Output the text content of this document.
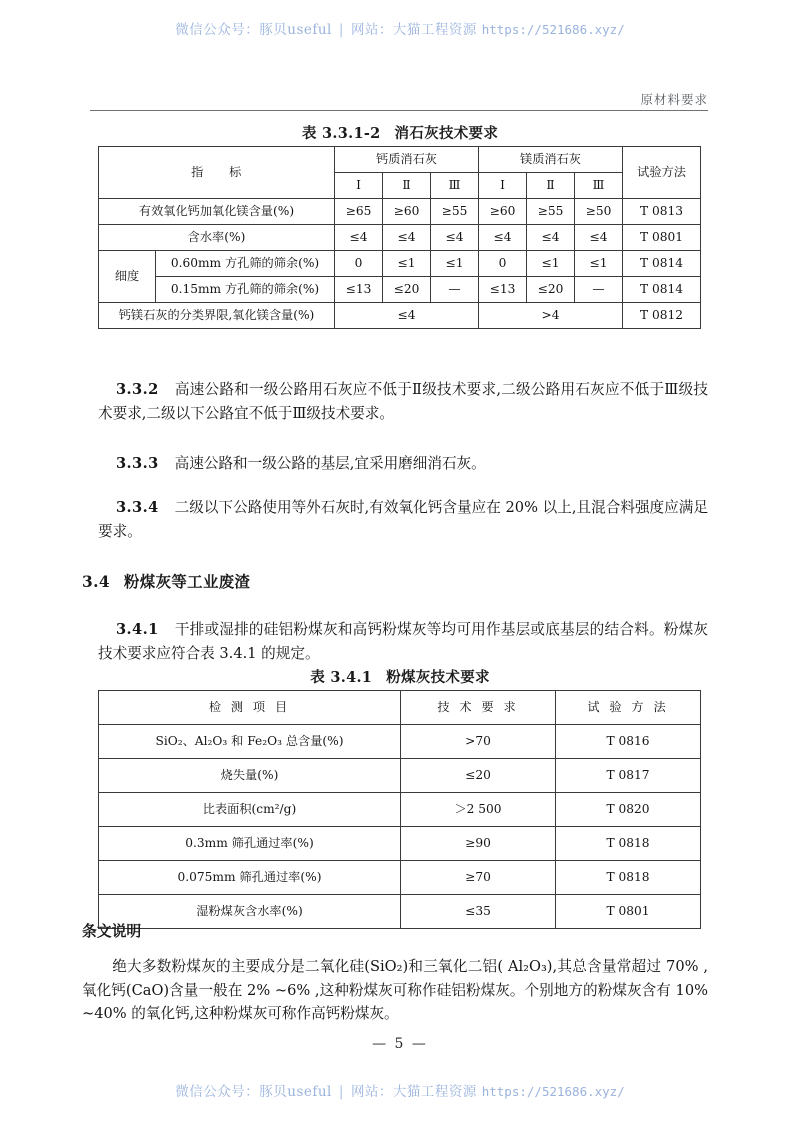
微信公众号：豚贝useful | 网站：大猫工程资源 https://521686.xyz/
原材料要求
表 3.3.1-2 消石灰技术要求
指　　标		钙质消石灰			镁质消石灰			试验方法
		Ⅰ	Ⅱ	Ⅲ	Ⅰ	Ⅱ	Ⅲ	
有效氧化钙加氧化镁含量(%)		≥65	≥60	≥55	≥60	≥55	≥50	T 0813
含水率(%)		≤4	≤4	≤4	≤4	≤4	≤4	T 0801
细度	0.60mm 方孔筛的筛余(%)	0	≤1	≤1	0	≤1	≤1	T 0814
	0.15mm 方孔筛的筛余(%)	≤13	≤20	—	≤13	≤20	—	T 0814
钙镁石灰的分类界限,氧化镁含量(%)		≤4			>4			T 0812
3.3.2 高速公路和一级公路用石灰应不低于Ⅱ级技术要求,二级公路用石灰应不低于Ⅲ级技术要求,二级以下公路宜不低于Ⅲ级技术要求。
3.3.3 高速公路和一级公路的基层,宜采用磨细消石灰。
3.3.4 二级以下公路使用等外石灰时,有效氧化钙含量应在 20% 以上,且混合料强度应满足要求。
3.4 粉煤灰等工业废渣
3.4.1 干排或湿排的硅铝粉煤灰和高钙粉煤灰等均可用作基层或底基层的结合料。粉煤灰技术要求应符合表 3.4.1 的规定。
表 3.4.1 粉煤灰技术要求
检 测 项 目	技 术 要 求	试 验 方 法
SiO₂、Al₂O₃ 和 Fe₂O₃ 总含量(%)	>70	T 0816
烧失量(%)	≤20	T 0817
比表面积(cm²/g)	＞2 500	T 0820
0.3mm 筛孔通过率(%)	≥90	T 0818
0.075mm 筛孔通过率(%)	≥70	T 0818
湿粉煤灰含水率(%)	≤35	T 0801
条文说明
绝大多数粉煤灰的主要成分是二氧化硅(SiO₂)和三氧化二铝( Al₂O₃),其总含量常超过 70% ,氧化钙(CaO)含量一般在 2% ~6% ,这种粉煤灰可称作硅铝粉煤灰。个别地方的粉煤灰含有 10% ~40% 的氧化钙,这种粉煤灰可称作高钙粉煤灰。
— 5 —
微信公众号：豚贝useful | 网站：大猫工程资源 https://521686.xyz/
